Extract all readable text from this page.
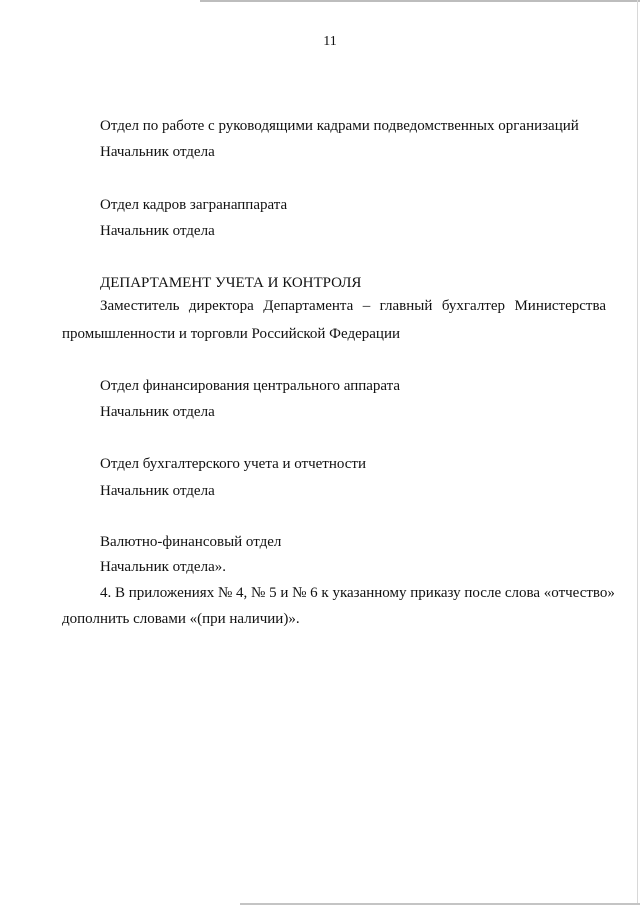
11
Отдел по работе с руководящими кадрами подведомственных организаций
Начальник отдела
Отдел кадров загранаппарата
Начальник отдела
ДЕПАРТАМЕНТ УЧЕТА И КОНТРОЛЯ
Заместитель директора Департамента – главный бухгалтер Министерства
промышленности и торговли Российской Федерации
Отдел финансирования центрального аппарата
Начальник отдела
Отдел бухгалтерского учета и отчетности
Начальник отдела
Валютно-финансовый отдел
Начальник отдела».
4. В приложениях № 4, № 5 и № 6 к указанному приказу после слова «отчество»
дополнить словами «(при наличии)».
